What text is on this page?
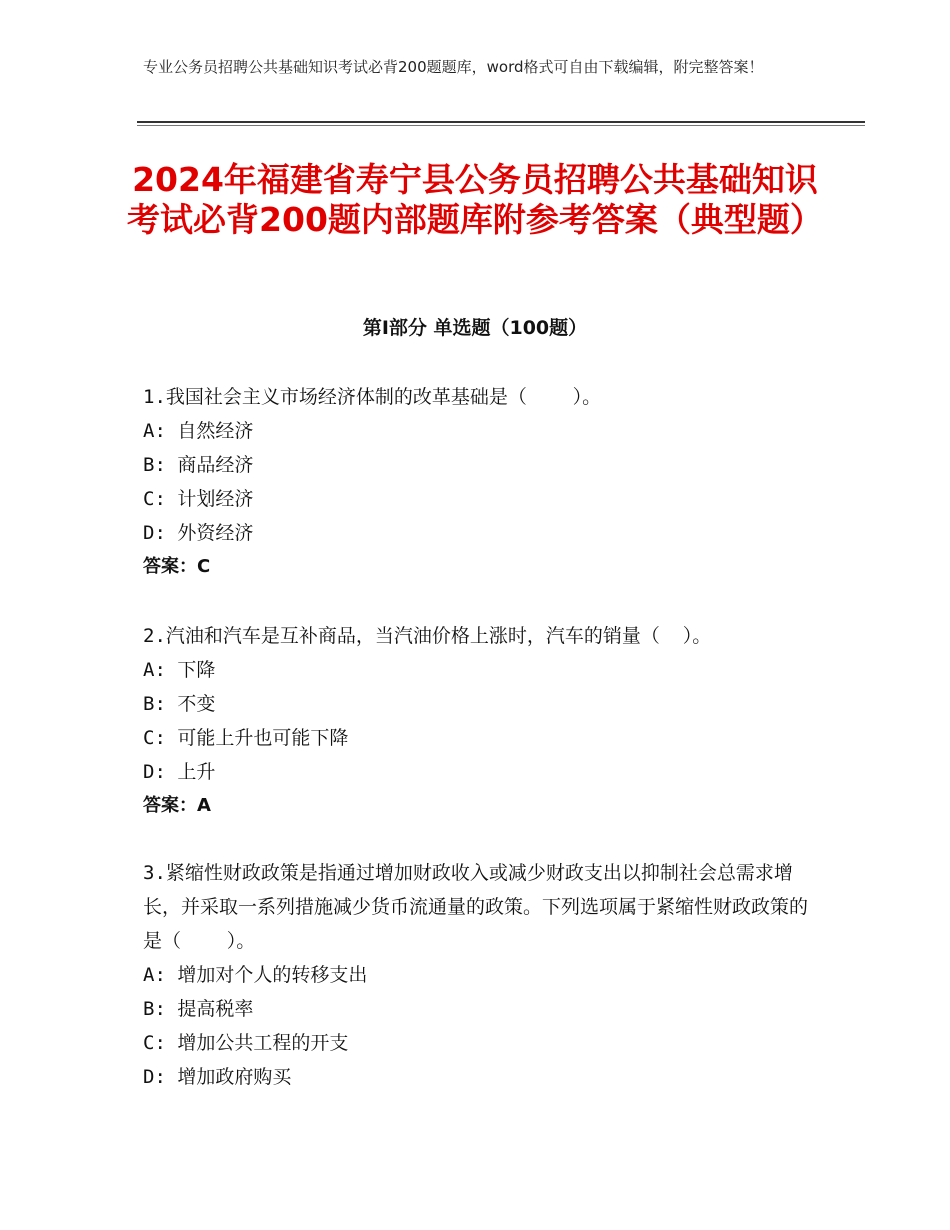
专业公务员招聘公共基础知识考试必背200题题库，word格式可自由下载编辑，附完整答案！
2024年福建省寿宁县公务员招聘公共基础知识考试必背200题内部题库附参考答案（典型题）
第Ⅰ部分 单选题（100题）

1.我国社会主义市场经济体制的改革基础是（    ）。

A: 自然经济

B: 商品经济

C: 计划经济

D: 外资经济

答案：C

2.汽油和汽车是互补商品，当汽油价格上涨时，汽车的销量（  ）。

A: 下降

B: 不变

C: 可能上升也可能下降

D: 上升

答案：A

3.紧缩性财政政策是指通过增加财政收入或减少财政支出以抑制社会总需求增长，并采取一系列措施减少货币流通量的政策。下列选项属于紧缩性财政政策的是（    ）。

A: 增加对个人的转移支出

B: 提高税率

C: 增加公共工程的开支

D: 增加政府购买
